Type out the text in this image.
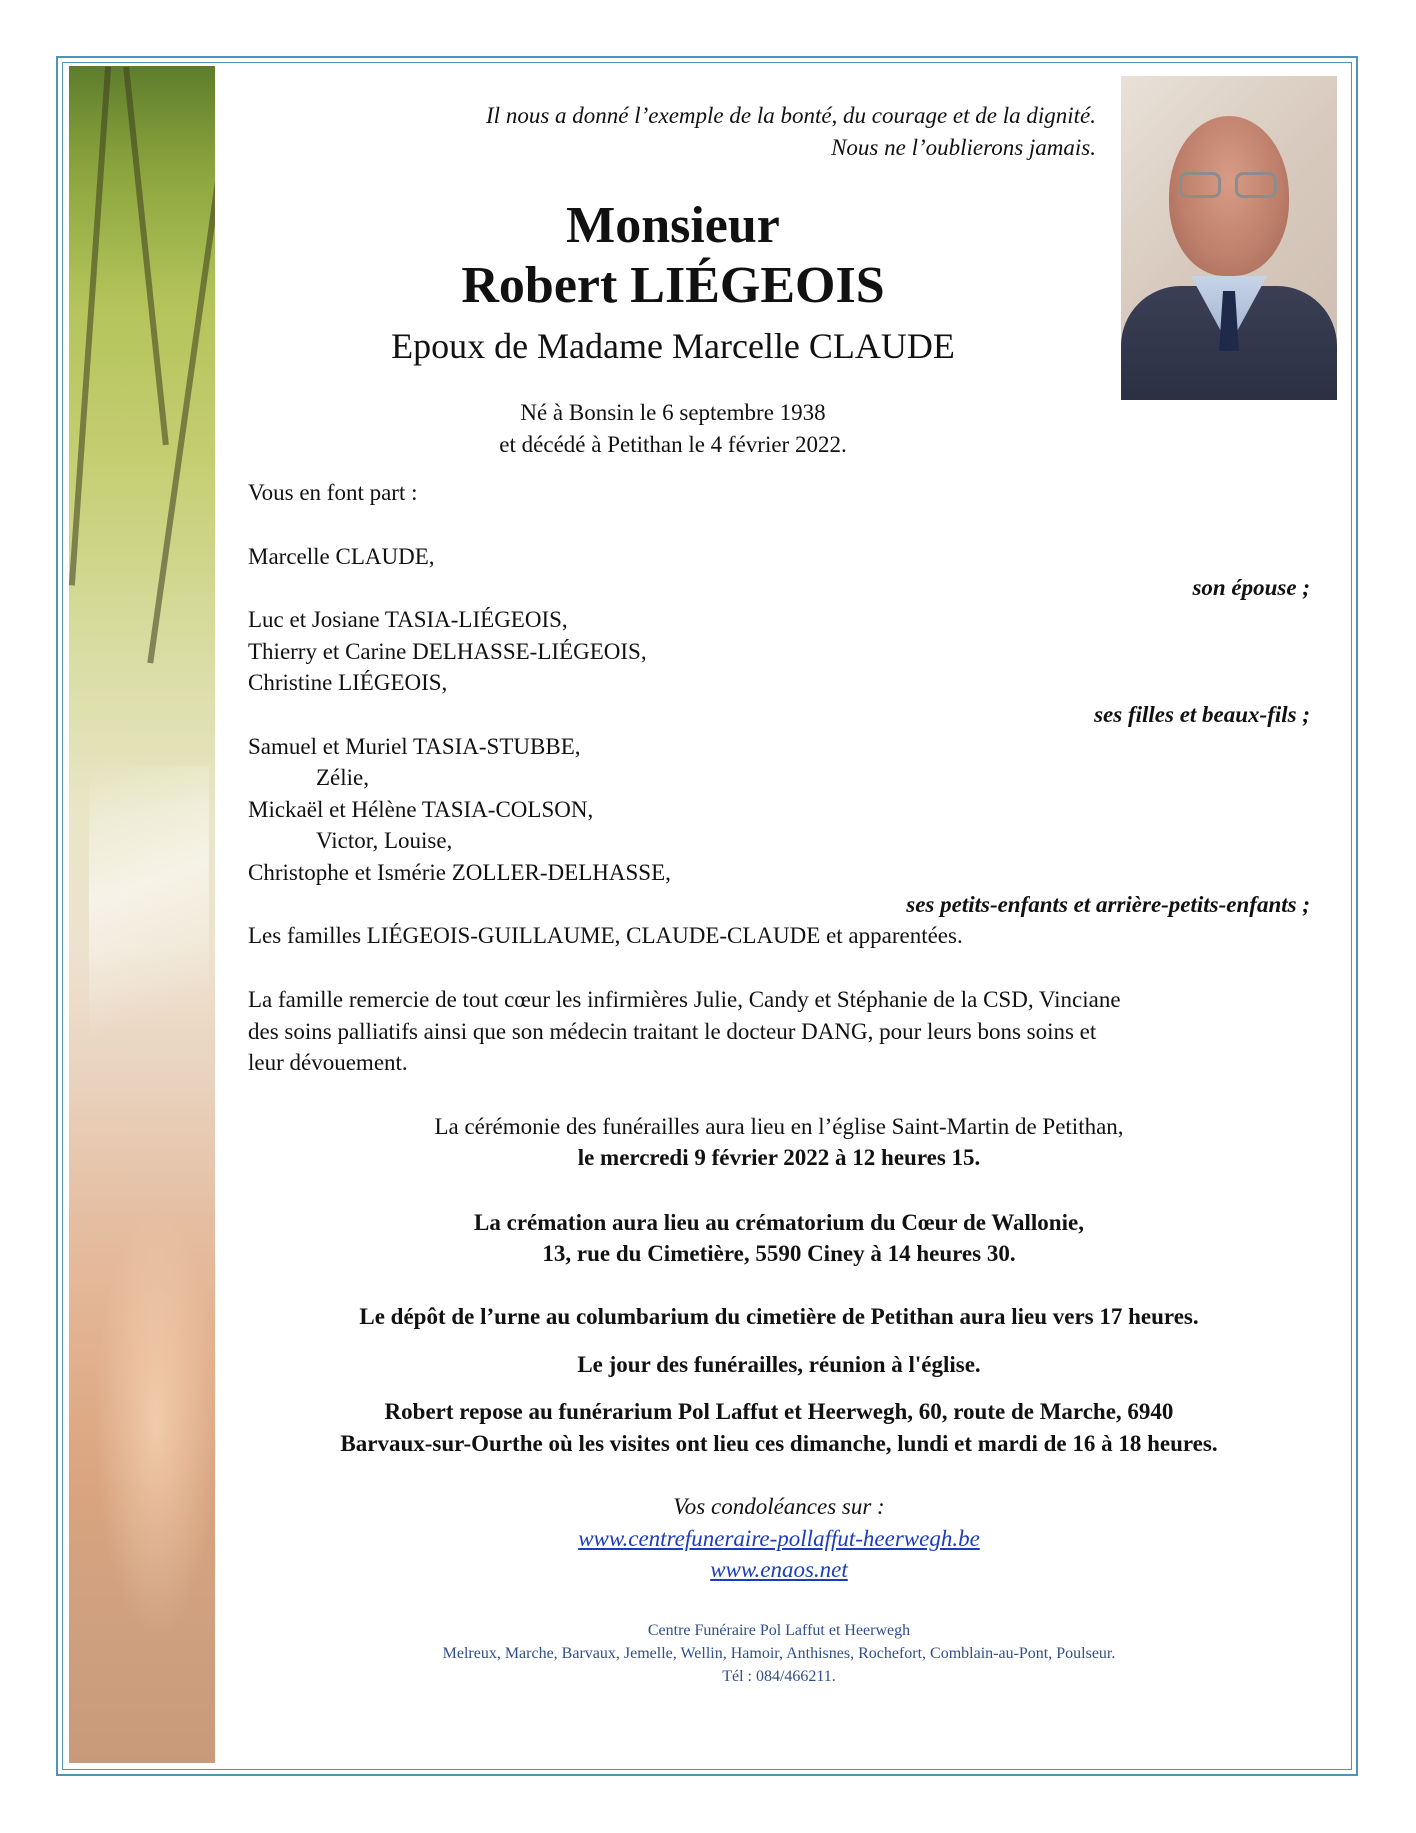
Il nous a donné l’exemple de la bonté, du courage et de la dignité.
Nous ne l’oublierons jamais.
Monsieur
Robert LIÉGEOIS
Epoux de Madame Marcelle CLAUDE
Né à Bonsin le 6 septembre 1938
et décédé à Petithan le 4 février 2022.
Vous en font part :
Marcelle CLAUDE,
son épouse ;
Luc et Josiane TASIA-LIÉGEOIS,
Thierry et Carine DELHASSE-LIÉGEOIS,
Christine LIÉGEOIS,
ses filles et beaux-fils ;
Samuel et Muriel TASIA-STUBBE,
Zélie,
Mickaël et Hélène TASIA-COLSON,
Victor, Louise,
Christophe et Ismérie ZOLLER-DELHASSE,
ses petits-enfants et arrière-petits-enfants ;
Les familles LIÉGEOIS-GUILLAUME, CLAUDE-CLAUDE et apparentées.
La famille remercie de tout cœur les infirmières Julie, Candy et Stéphanie de la CSD, Vinciane
des soins palliatifs ainsi que son médecin traitant le docteur DANG, pour leurs bons soins et
leur dévouement.
La cérémonie des funérailles aura lieu en l’église Saint-Martin de Petithan,
le mercredi 9 février 2022 à 12 heures 15.
La crémation aura lieu au crématorium du Cœur de Wallonie,
13, rue du Cimetière, 5590 Ciney à 14 heures 30.
Le dépôt de l’urne au columbarium du cimetière de Petithan aura lieu vers 17 heures.
Le jour des funérailles, réunion à l'église.
Robert repose au funérarium Pol Laffut et Heerwegh, 60, route de Marche, 6940
Barvaux-sur-Ourthe où les visites ont lieu ces dimanche, lundi et mardi de 16 à 18 heures.
Vos condoléances sur :
www.centrefuneraire-pollaffut-heerwegh.be
www.enaos.net
Centre Funéraire Pol Laffut et Heerwegh
Melreux, Marche, Barvaux, Jemelle, Wellin, Hamoir, Anthisnes, Rochefort, Comblain-au-Pont, Poulseur.
Tél : 084/466211.
